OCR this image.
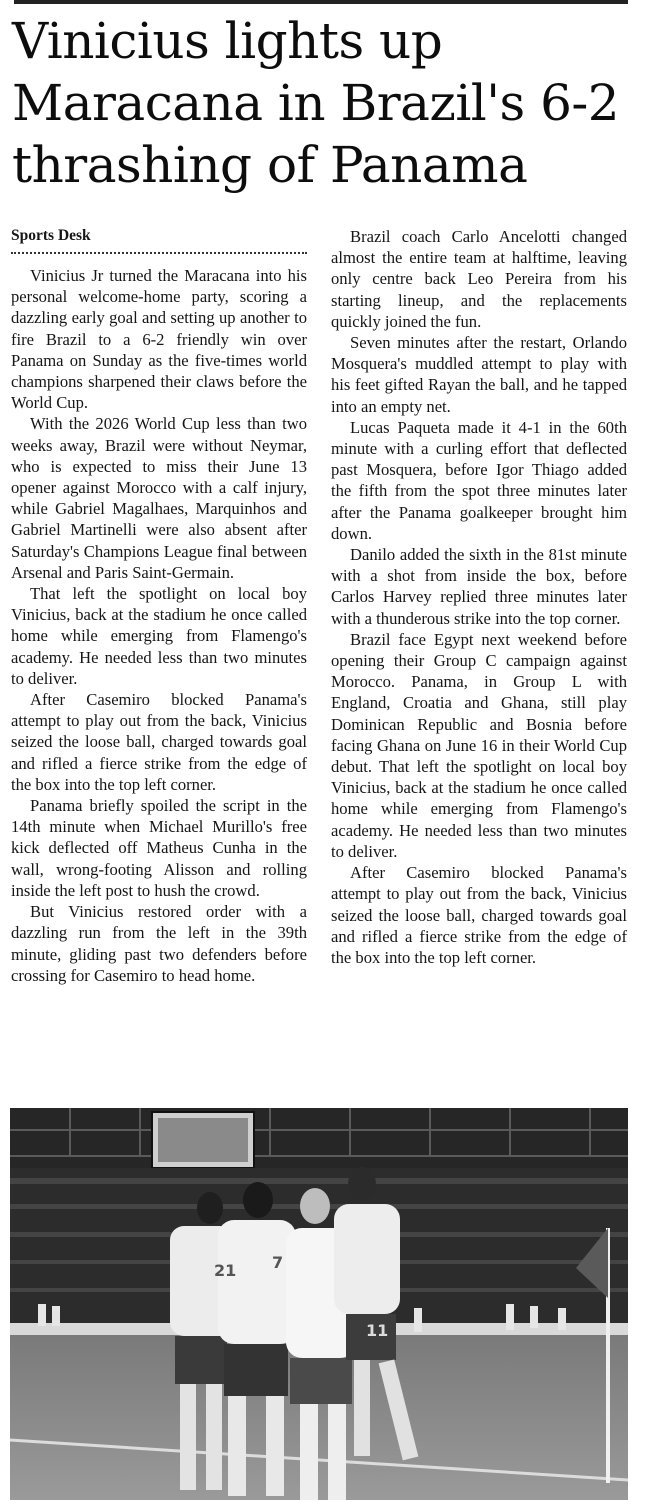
Vinicius lights up Maracana in Brazil's 6-2 thrashing of Panama
Sports Desk

Vinicius Jr turned the Maracana into his personal welcome-home party, scoring a dazzling early goal and setting up another to fire Brazil to a 6-2 friendly win over Panama on Sunday as the five-times world champions sharpened their claws before the World Cup.

With the 2026 World Cup less than two weeks away, Brazil were without Neymar, who is expected to miss their June 13 opener against Morocco with a calf injury, while Gabriel Magalhaes, Marquinhos and Gabriel Martinelli were also absent after Saturday's Champions League final between Arsenal and Paris Saint-Germain.

That left the spotlight on local boy Vinicius, back at the stadium he once called home while emerging from Flamengo's academy. He needed less than two minutes to deliver.

After Casemiro blocked Panama's attempt to play out from the back, Vinicius seized the loose ball, charged towards goal and rifled a fierce strike from the edge of the box into the top left corner.

Panama briefly spoiled the script in the 14th minute when Michael Murillo's free kick deflected off Matheus Cunha in the wall, wrong-footing Alisson and rolling inside the left post to hush the crowd.

But Vinicius restored order with a dazzling run from the left in the 39th minute, gliding past two defenders before crossing for Casemiro to head home.

Brazil coach Carlo Ancelotti changed almost the entire team at halftime, leaving only centre back Leo Pereira from his starting lineup, and the replacements quickly joined the fun.

Seven minutes after the restart, Orlando Mosquera's muddled attempt to play with his feet gifted Rayan the ball, and he tapped into an empty net.

Lucas Paqueta made it 4-1 in the 60th minute with a curling effort that deflected past Mosquera, before Igor Thiago added the fifth from the spot three minutes later after the Panama goalkeeper brought him down.

Danilo added the sixth in the 81st minute with a shot from inside the box, before Carlos Harvey replied three minutes later with a thunderous strike into the top corner.

Brazil face Egypt next weekend before opening their Group C campaign against Morocco. Panama, in Group L with England, Croatia and Ghana, still play Dominican Republic and Bosnia before facing Ghana on June 16 in their World Cup debut. That left the spotlight on local boy Vinicius, back at the stadium he once called home while emerging from Flamengo's academy. He needed less than two minutes to deliver.

After Casemiro blocked Panama's attempt to play out from the back, Vinicius seized the loose ball, charged towards goal and rifled a fierce strike from the edge of the box into the top left corner.

21 7
11
